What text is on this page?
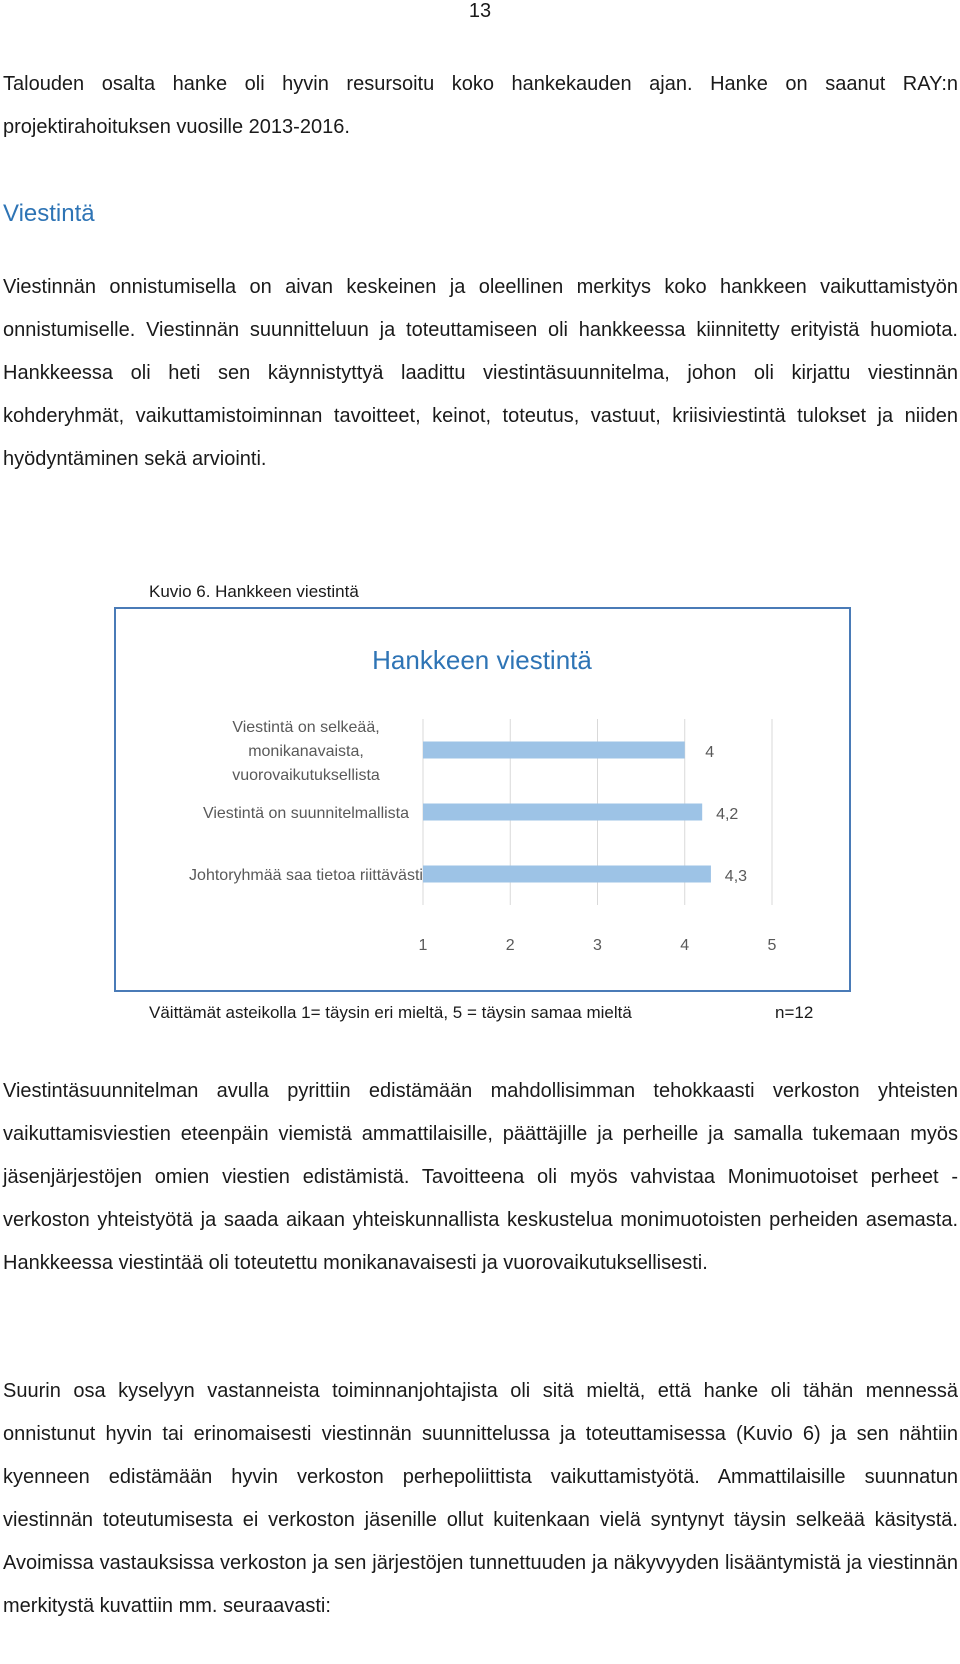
13

Talouden osalta hanke oli hyvin resursoitu koko hankekauden ajan. Hanke on saanut RAY:n projektirahoituksen vuosille 2013-2016.

Viestintä

Viestinnän onnistumisella on aivan keskeinen ja oleellinen merkitys koko hankkeen vaikuttamistyön onnistumiselle. Viestinnän suunnitteluun ja toteuttamiseen oli hankkeessa kiinnitetty erityistä huomiota. Hankkeessa oli heti sen käynnistyttyä laadittu viestintäsuunnitelma, johon oli kirjattu viestinnän kohderyhmät, vaikuttamistoiminnan tavoitteet, keinot, toteutus, vastuut, kriisiviestintä tulokset ja niiden hyödyntäminen sekä arviointi.

Kuvio 6. Hankkeen viestintä
Hankkeen viestintä
1	2	3	4	5
4
Viestintä on selkeää,
monikanavaista,
vuorovaikutuksellista
4,2
Viestintä on suunnitelmallista
4,3
Johtoryhmää saa tietoa riittävästi
Väittämät asteikolla 1= täysin eri mieltä, 5 = täysin samaa mieltä	n=12

Viestintäsuunnitelman avulla pyrittiin edistämään mahdollisimman tehokkaasti verkoston yhteisten vaikuttamisviestien eteenpäin viemistä ammattilaisille, päättäjille ja perheille ja samalla tukemaan myös jäsenjärjestöjen omien viestien edistämistä. Tavoitteena oli myös vahvistaa Monimuotoiset perheet -verkoston yhteistyötä ja saada aikaan yhteiskunnallista keskustelua monimuotoisten perheiden asemasta. Hankkeessa viestintää oli toteutettu monikanavaisesti ja vuorovaikutuksellisesti.

Suurin osa kyselyyn vastanneista toiminnanjohtajista oli sitä mieltä, että hanke oli tähän mennessä onnistunut hyvin tai erinomaisesti viestinnän suunnittelussa ja toteuttamisessa (Kuvio 6) ja sen nähtiin kyenneen edistämään hyvin verkoston perhepoliittista vaikuttamistyötä. Ammattilaisille suunnatun viestinnän toteutumisesta ei verkoston jäsenille ollut kuitenkaan vielä syntynyt täysin selkeää käsitystä. Avoimissa vastauksissa verkoston ja sen järjestöjen tunnettuuden ja näkyvyyden lisääntymistä ja viestinnän merkitystä kuvattiin mm. seuraavasti:
